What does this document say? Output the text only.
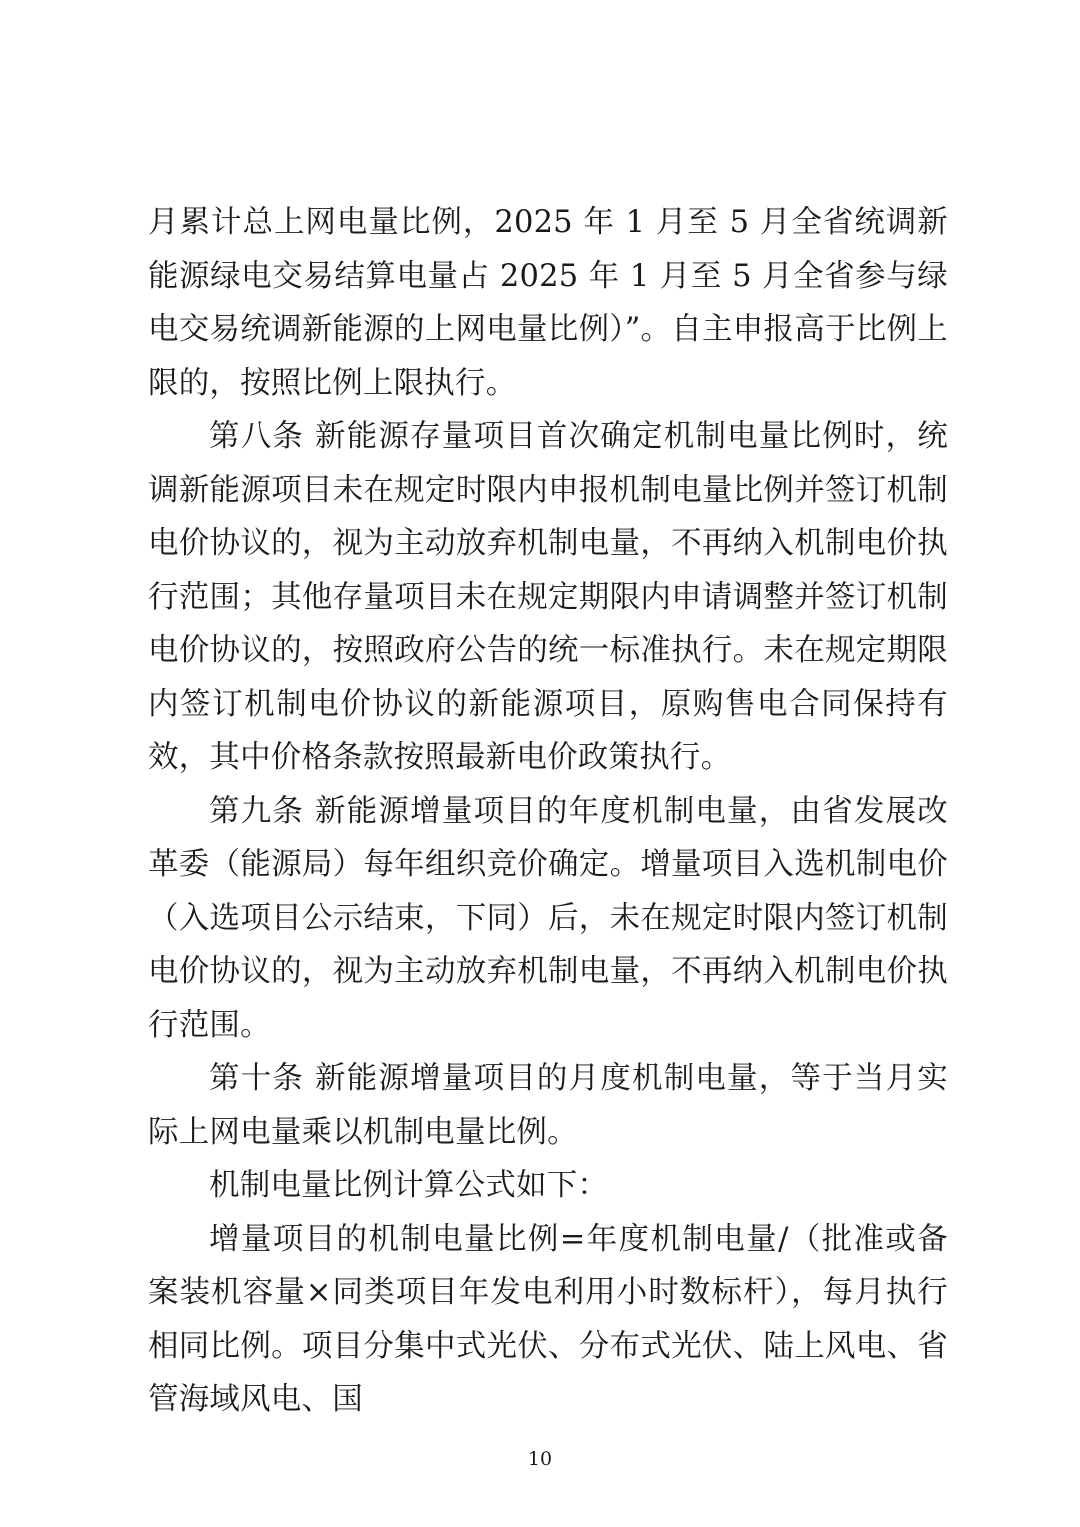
月累计总上网电量比例，2025 年 1 月至 5 月全省统调新能源绿电交易结算电量占 2025 年 1 月至 5 月全省参与绿电交易统调新能源的上网电量比例）”。自主申报高于比例上限的，按照比例上限执行。

第八条 新能源存量项目首次确定机制电量比例时，统调新能源项目未在规定时限内申报机制电量比例并签订机制电价协议的，视为主动放弃机制电量，不再纳入机制电价执行范围；其他存量项目未在规定期限内申请调整并签订机制电价协议的，按照政府公告的统一标准执行。未在规定期限内签订机制电价协议的新能源项目，原购售电合同保持有效，其中价格条款按照最新电价政策执行。

第九条 新能源增量项目的年度机制电量，由省发展改革委（能源局）每年组织竞价确定。增量项目入选机制电价（入选项目公示结束，下同）后，未在规定时限内签订机制电价协议的，视为主动放弃机制电量，不再纳入机制电价执行范围。

第十条 新能源增量项目的月度机制电量，等于当月实际上网电量乘以机制电量比例。

机制电量比例计算公式如下：

增量项目的机制电量比例=年度机制电量/（批准或备案装机容量×同类项目年发电利用小时数标杆），每月执行相同比例。项目分集中式光伏、分布式光伏、陆上风电、省管海域风电、国

10
